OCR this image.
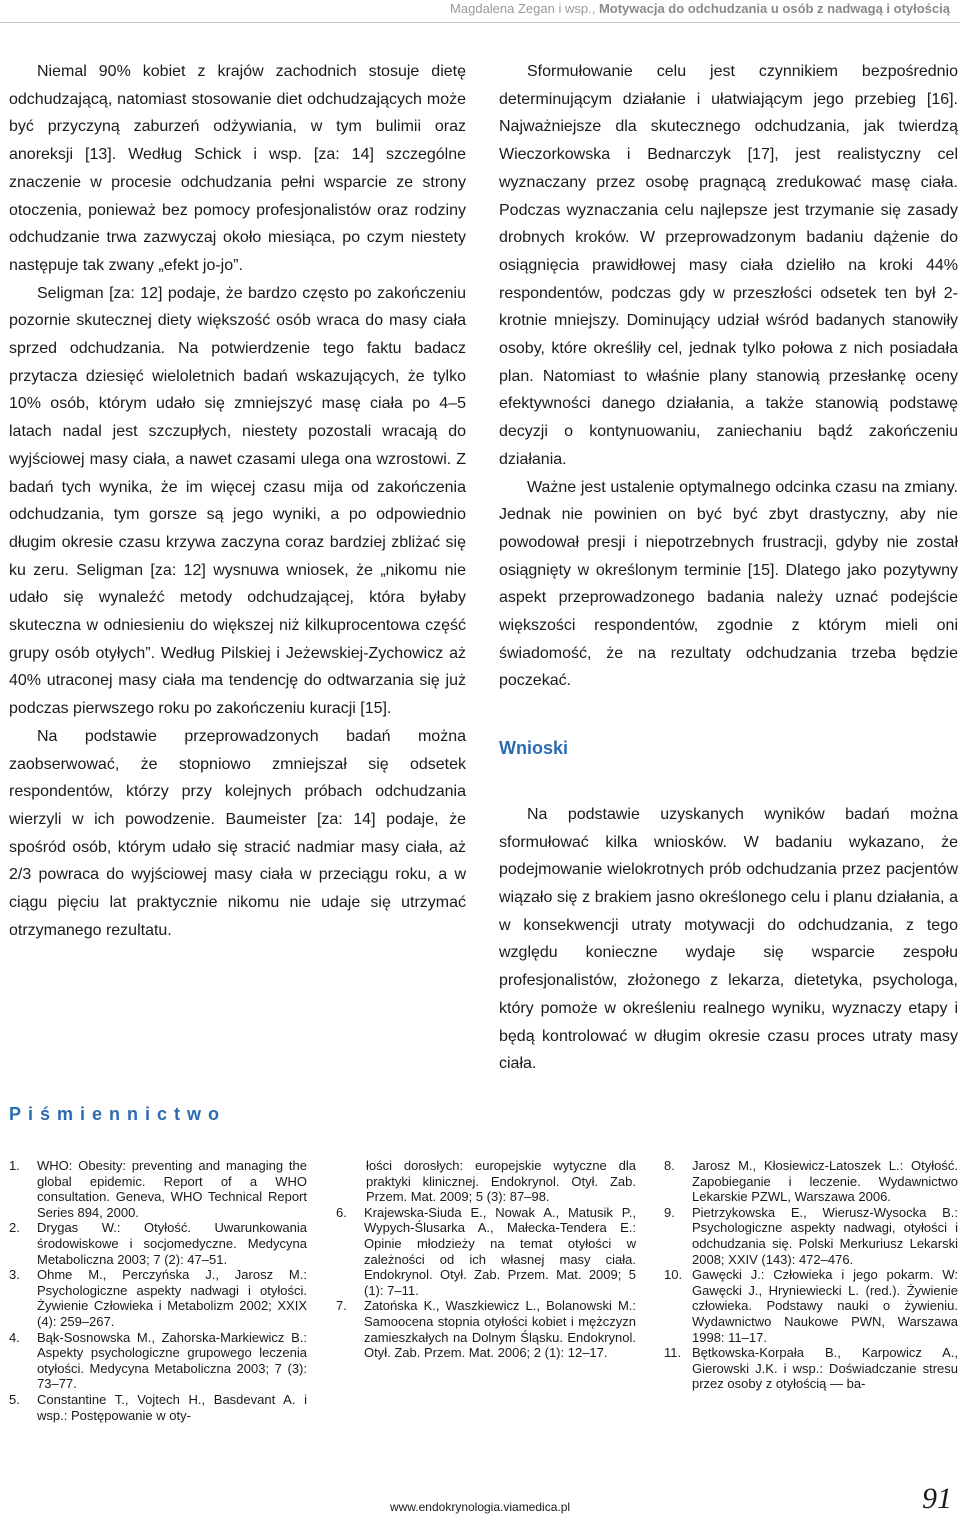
Magdalena Zegan i wsp., Motywacja do odchudzania u osób z nadwagą i otyłością

Niemal 90% kobiet z krajów zachodnich stosuje dietę odchudzającą, natomiast stosowanie diet odchudzających może być przyczyną zaburzeń odżywiania, w tym bulimii oraz anoreksji [13]. Według Schick i wsp. [za: 14] szczególne znaczenie w procesie odchudzania pełni wsparcie ze strony otoczenia, ponieważ bez pomocy profesjonalistów oraz rodziny odchudzanie trwa zazwyczaj około miesiąca, po czym niestety następuje tak zwany „efekt jo-jo”.

Seligman [za: 12] podaje, że bardzo często po zakończeniu pozornie skutecznej diety większość osób wraca do masy ciała sprzed odchudzania. Na potwierdzenie tego faktu badacz przytacza dziesięć wieloletnich badań wskazujących, że tylko 10% osób, którym udało się zmniejszyć masę ciała po 4–5 latach nadal jest szczupłych, niestety pozostali wracają do wyjściowej masy ciała, a nawet czasami ulega ona wzrostowi. Z badań tych wynika, że im więcej czasu mija od zakończenia odchudzania, tym gorsze są jego wyniki, a po odpowiednio długim okresie czasu krzywa zaczyna coraz bardziej zbliżać się ku zeru. Seligman [za: 12] wysnuwa wniosek, że „nikomu nie udało się wynaleźć metody odchudzającej, która byłaby skuteczna w odniesieniu do większej niż kilkuprocentowa część grupy osób otyłych”. Według Pilskiej i Jeżewskiej-Zychowicz aż 40% utraconej masy ciała ma tendencję do odtwarzania się już podczas pierwszego roku po zakończeniu kuracji [15].

Na podstawie przeprowadzonych badań można zaobserwować, że stopniowo zmniejszał się odsetek respondentów, którzy przy kolejnych próbach odchudzania wierzyli w ich powodzenie. Baumeister [za: 14] podaje, że spośród osób, którym udało się stracić nadmiar masy ciała, aż 2/3 powraca do wyjściowej masy ciała w przeciągu roku, a w ciągu pięciu lat praktycznie nikomu nie udaje się utrzymać otrzymanego rezultatu.

Sformułowanie celu jest czynnikiem bezpośrednio determinującym działanie i ułatwiającym jego przebieg [16]. Najważniejsze dla skutecznego odchudzania, jak twierdzą Wieczorkowska i Bednarczyk [17], jest realistyczny cel wyznaczany przez osobę pragnącą zredukować masę ciała. Podczas wyznaczania celu najlepsze jest trzymanie się zasady drobnych kroków. W przeprowadzonym badaniu dążenie do osiągnięcia prawidłowej masy ciała dzieliło na kroki 44% respondentów, podczas gdy w przeszłości odsetek ten był 2-krotnie mniejszy. Dominujący udział wśród badanych stanowiły osoby, które określiły cel, jednak tylko połowa z nich posiadała plan. Natomiast to właśnie plany stanowią przesłankę oceny efektywności danego działania, a także stanowią podstawę decyzji o kontynuowaniu, zaniechaniu bądź zakończeniu działania.

Ważne jest ustalenie optymalnego odcinka czasu na zmiany. Jednak nie powinien on być być zbyt drastyczny, aby nie powodował presji i niepotrzebnych frustracji, gdyby nie został osiągnięty w określonym terminie [15]. Dlatego jako pozytywny aspekt przeprowadzonego badania należy uznać podejście większości respondentów, zgodnie z którym mieli oni świadomość, że na rezultaty odchudzania trzeba będzie poczekać.

Wnioski

Na podstawie uzyskanych wyników badań można sformułować kilka wniosków. W badaniu wykazano, że podejmowanie wielokrotnych prób odchudzania przez pacjentów wiązało się z brakiem jasno określonego celu i planu działania, a w konsekwencji utraty motywacji do odchudzania, z tego względu konieczne wydaje się wsparcie zespołu profesjonalistów, złożonego z lekarza, dietetyka, psychologa, który pomoże w określeniu realnego wyniku, wyznaczy etapy i będą kontrolować w długim okresie czasu proces utraty masy ciała.

Piśmiennictwo
1. WHO: Obesity: preventing and managing the global epidemic. Report of a WHO consultation. Geneva, WHO Technical Report Series 894, 2000.
2. Drygas W.: Otyłość. Uwarunkowania środowiskowe i socjomedyczne. Medycyna Metaboliczna 2003; 7 (2): 47–51.
3. Ohme M., Perczyńska J., Jarosz M.: Psychologiczne aspekty nadwagi i otyłości. Żywienie Człowieka i Metabolizm 2002; XXIX (4): 259–267.
4. Bąk-Sosnowska M., Zahorska-Markiewicz B.: Aspekty psychologiczne grupowego leczenia otyłości. Medycyna Metaboliczna 2003; 7 (3): 73–77.
5. Constantine T., Vojtech H., Basdevant A. i wsp.: Postępowanie w oty-
łości dorosłych: europejskie wytyczne dla praktyki klinicznej. Endokrynol. Otył. Zab. Przem. Mat. 2009; 5 (3): 87–98.
6. Krajewska-Siuda E., Nowak A., Matusik P., Wypych-Ślusarka A., Małecka-Tendera E.: Opinie młodzieży na temat otyłości w zależności od ich własnej masy ciała. Endokrynol. Otył. Zab. Przem. Mat. 2009; 5 (1): 7–11.
7. Zatońska K., Waszkiewicz L., Bolanowski M.: Samoocena stopnia otyłości kobiet i mężczyzn zamieszkałych na Dolnym Śląsku. Endokrynol. Otył. Zab. Przem. Mat. 2006; 2 (1): 12–17.
8. Jarosz M., Kłosiewicz-Latoszek L.: Otyłość. Zapobieganie i leczenie. Wydawnictwo Lekarskie PZWL, Warszawa 2006.
9. Pietrzykowska E., Wierusz-Wysocka B.: Psychologiczne aspekty nadwagi, otyłości i odchudzania się. Polski Merkuriusz Lekarski 2008; XXIV (143): 472–476.
10. Gawęcki J.: Człowieka i jego pokarm. W: Gawęcki J., Hryniewiecki L. (red.). Żywienie człowieka. Podstawy nauki o żywieniu. Wydawnictwo Naukowe PWN, Warszawa 1998: 11–17.
11. Bętkowska-Korpała B., Karpowicz A., Gierowski J.K. i wsp.: Doświadczanie stresu przez osoby z otyłością — ba-
www.endokrynologia.viamedica.pl	91
